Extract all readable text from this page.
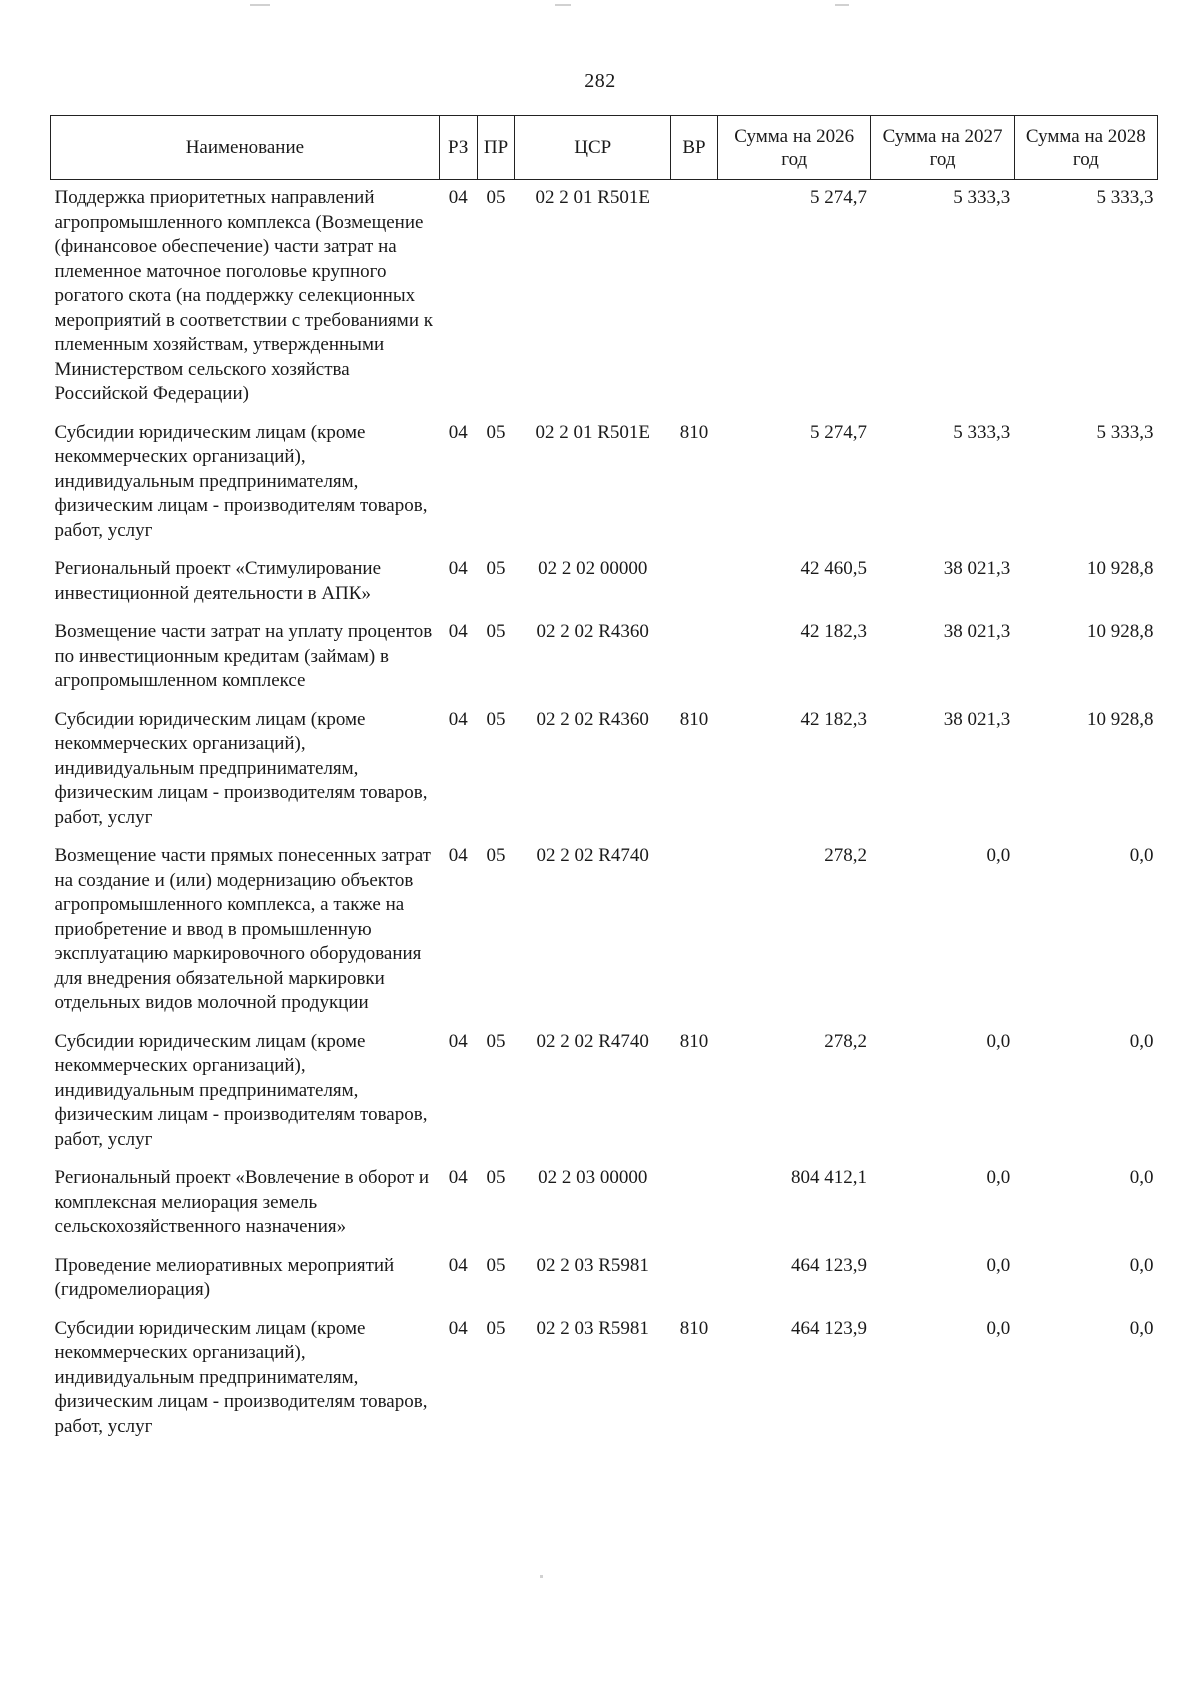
282
Наименование	РЗ	ПР	ЦСР	ВР	Сумма на 2026 год	Сумма на 2027 год	Сумма на 2028 год
Поддержка приоритетных направлений агропромышленного комплекса (Возмещение (финансовое обеспечение) части затрат на племенное маточное поголовье крупного рогатого скота (на поддержку селекционных мероприятий в соответствии с требованиями к племенным хозяйствам, утвержденными Министерством сельского хозяйства Российской Федерации)	04	05	02 2 01 R501E		5 274,7	5 333,3	5 333,3
Субсидии юридическим лицам (кроме некоммерческих организаций), индивидуальным предпринимателям, физическим лицам - производителям товаров, работ, услуг	04	05	02 2 01 R501E	810	5 274,7	5 333,3	5 333,3
Региональный проект «Стимулирование инвестиционной деятельности в АПК»	04	05	02 2 02 00000		42 460,5	38 021,3	10 928,8
Возмещение части затрат на уплату процентов по инвестиционным кредитам (займам) в агропромышленном комплексе	04	05	02 2 02 R4360		42 182,3	38 021,3	10 928,8
Субсидии юридическим лицам (кроме некоммерческих организаций), индивидуальным предпринимателям, физическим лицам - производителям товаров, работ, услуг	04	05	02 2 02 R4360	810	42 182,3	38 021,3	10 928,8
Возмещение части прямых понесенных затрат на создание и (или) модернизацию объектов агропромышленного комплекса, а также на приобретение и ввод в промышленную эксплуатацию маркировочного оборудования для внедрения обязательной маркировки отдельных видов молочной продукции	04	05	02 2 02 R4740		278,2	0,0	0,0
Субсидии юридическим лицам (кроме некоммерческих организаций), индивидуальным предпринимателям, физическим лицам - производителям товаров, работ, услуг	04	05	02 2 02 R4740	810	278,2	0,0	0,0
Региональный проект «Вовлечение в оборот и комплексная мелиорация земель сельскохозяйственного назначения»	04	05	02 2 03 00000		804 412,1	0,0	0,0
Проведение мелиоративных мероприятий (гидромелиорация)	04	05	02 2 03 R5981		464 123,9	0,0	0,0
Субсидии юридическим лицам (кроме некоммерческих организаций), индивидуальным предпринимателям, физическим лицам - производителям товаров, работ, услуг	04	05	02 2 03 R5981	810	464 123,9	0,0	0,0
